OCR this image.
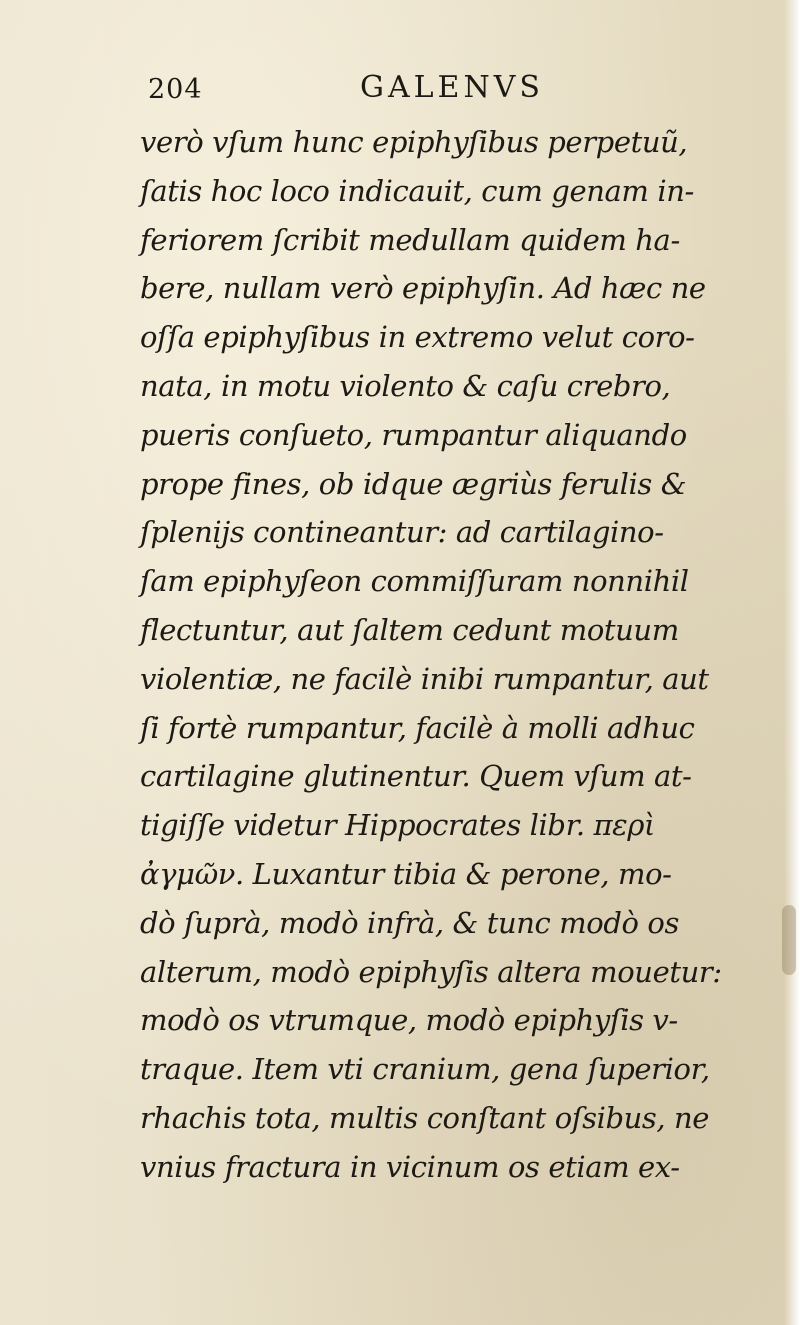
204	GALENVS
verò vſum hunc epiphyſibus perpetuũ,
ſatis hoc loco indicauit, cum genam in-
feriorem ſcribit medullam quidem ha-
bere, nullam verò epiphyſin. Ad hæc ne
oſſa epiphyſibus in extremo velut coro-
nata, in motu violento & caſu crebro,
pueris conſueto, rumpantur aliquando
prope fines, ob idque ægriùs ferulis &
ſplenijs contineantur: ad cartilagino-
ſam epiphyſeon commiſſuram nonnihil
flectuntur, aut ſaltem cedunt motuum
violentiæ, ne facilè inibi rumpantur, aut
ſi fortè rumpantur, facilè à molli adhuc
cartilagine glutinentur. Quem vſum at-
tigiſſe videtur Hippocrates libr. περὶ
ἀγμῶν. Luxantur tibia & perone, mo-
dò ſuprà, modò infrà, & tunc modò os
alterum, modò epiphyſis altera mouetur:
modò os vtrumque, modò epiphyſis v-
traque. Item vti cranium, gena ſuperior,
rhachis tota, multis conſtant oſsibus, ne
vnius fractura in vicinum os etiam ex-
